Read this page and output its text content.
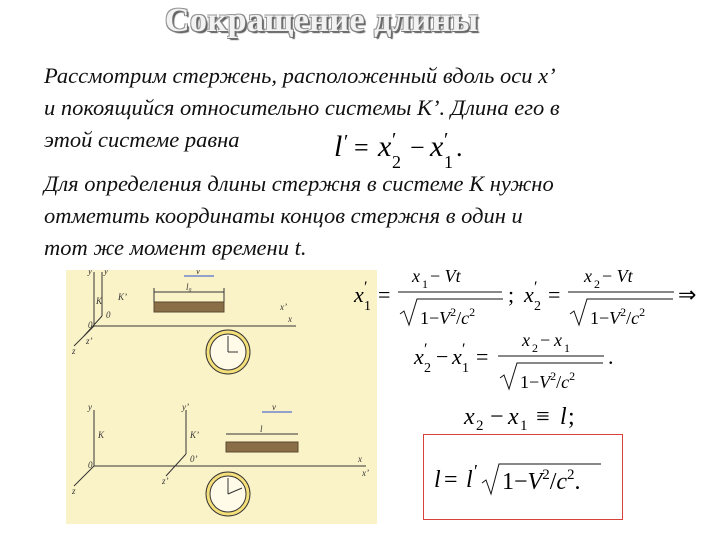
Сокращение длины
Рассмотрим стержень, расположенный вдоль оси x’
и покоящийся относительно системы K’. Длина его в
этой системе равна	l ′ = x ′
2 − x ′
1 .
Для определения длины стержня в системе K нужно
отметить координаты концов стержня в один и
тот же момент времени t.
y y’
K K’
0
0
z
z’
x
x’
v
l₀
y	y’
K	K’
0
0’
z
z’
x
x’
v
l
x ′
1 =
x 1 − Vt
$1-V^2/c^2$
; x ′
2 =
x 2 − Vt
$1-V^2/c^2$
⇒
x ′
2 − x ′
1 =
x 2 − x 1
$1-V^2/c^2$
.
x 2 − x 1 ≡ l ;
l = l ′ $1-V^2/c^2$.
